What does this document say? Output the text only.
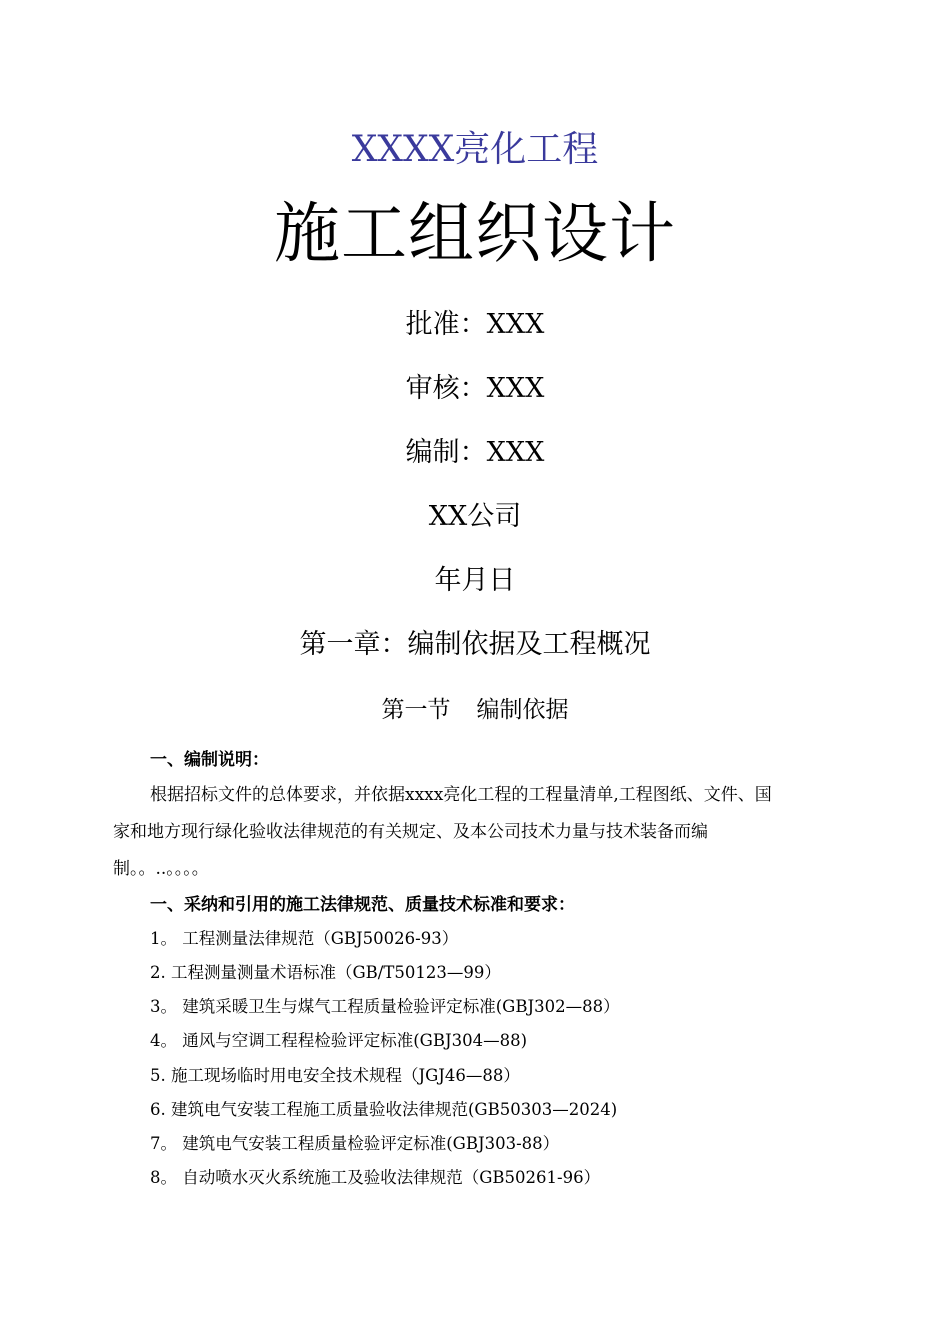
XXXX亮化工程
施工组织设计
批准：XXX
审核：XXX
编制：XXX
XX公司
年月日
第一章：编制依据及工程概况
第一节 编制依据
一、编制说明：
根据招标文件的总体要求，并依据xxxx亮化工程的工程量清单,工程图纸、文件、国
家和地方现行绿化验收法律规范的有关规定、及本公司技术力量与技术装备而编
制。。..。。。。
一、采纳和引用的施工法律规范、质量技术标准和要求：
1。 工程测量法律规范（GBJ50026-93）
2. 工程测量测量术语标准（GB/T50123—99）
3。 建筑采暖卫生与煤气工程质量检验评定标准(GBJ302—88）
4。 通风与空调工程程检验评定标准(GBJ304—88)
5. 施工现场临时用电安全技术规程（JGJ46—88）
6. 建筑电气安装工程施工质量验收法律规范(GB50303—2024)
7。 建筑电气安装工程质量检验评定标准(GBJ303-88）
8。 自动喷水灭火系统施工及验收法律规范（GB50261-96）
